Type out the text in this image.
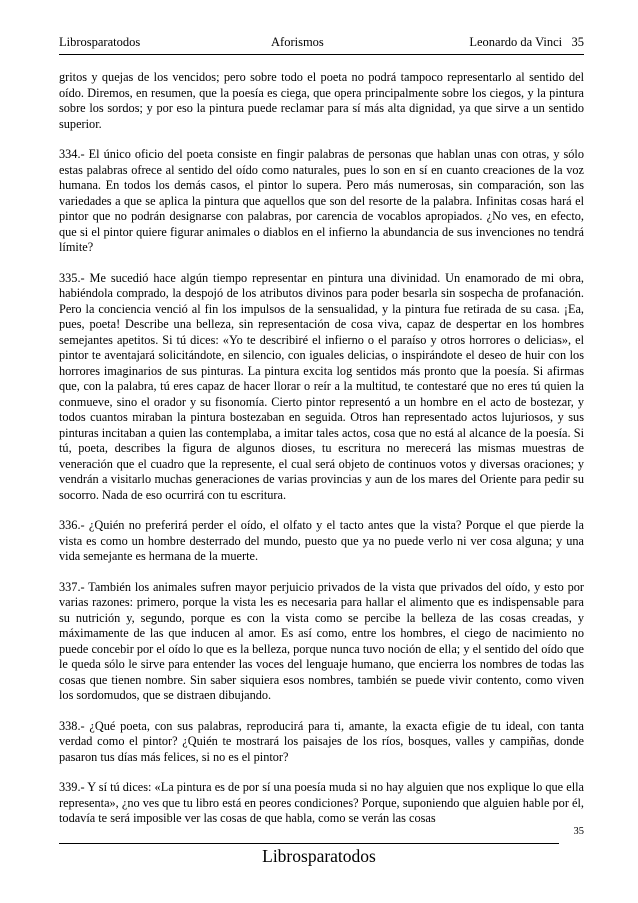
Librosparatodos	Aforismos	Leonardo da Vinci   35

gritos y quejas de los vencidos; pero sobre todo el poeta no podrá tampoco representarlo al sentido del oído. Diremos, en resumen, que la poesía es ciega, que opera principalmente sobre los ciegos, y la pintura sobre los sordos; y por eso la pintura puede reclamar para sí más alta dignidad, ya que sirve a un sentido superior.

334.- El único oficio del poeta consiste en fingir palabras de personas que hablan unas con otras, y sólo estas palabras ofrece al sentido del oído como naturales, pues lo son en sí en cuanto creaciones de la voz humana. En todos los demás casos, el pintor lo supera. Pero más numerosas, sin comparación, son las variedades a que se aplica la pintura que aquellos que son del resorte de la palabra. Infinitas cosas hará el pintor que no podrán designarse con palabras, por carencia de vocablos apropiados. ¿No ves, en efecto, que si el pintor quiere figurar animales o diablos en el infierno la abundancia de sus invenciones no tendrá límite?

335.- Me sucedió hace algún tiempo representar en pintura una divinidad. Un enamorado de mi obra, habiéndola comprado, la despojó de los atributos divinos para poder besarla sin sospecha de profanación. Pero la conciencia venció al fin los impulsos de la sensualidad, y la pintura fue retirada de su casa. ¡Ea, pues, poeta! Describe una belleza, sin representación de cosa viva, capaz de despertar en los hombres semejantes apetitos. Si tú dices: «Yo te describiré el infierno o el paraíso y otros horrores o delicias», el pintor te aventajará solicitándote, en silencio, con iguales delicias, o inspirándote el deseo de huir con los horrores imaginarios de sus pinturas. La pintura excita log sentidos más pronto que la poesía. Si afirmas que, con la palabra, tú eres capaz de hacer llorar o reír a la multitud, te contestaré que no eres tú quien la conmueve, sino el orador y su fisonomía. Cierto pintor representó a un hombre en el acto de bostezar, y todos cuantos miraban la pintura bostezaban en seguida. Otros han representado actos lujuriosos, y sus pinturas incitaban a quien las contemplaba, a imitar tales actos, cosa que no está al alcance de la poesía. Si tú, poeta, describes la figura de algunos dioses, tu escritura no merecerá las mismas muestras de veneración que el cuadro que la represente, el cual será objeto de continuos votos y diversas oraciones; y vendrán a visitarlo muchas generaciones de varias provincias y aun de los mares del Oriente para pedir su socorro. Nada de eso ocurrirá con tu escritura.

336.- ¿Quién no preferirá perder el oído, el olfato y el tacto antes que la vista? Porque el que pierde la vista es como un hombre desterrado del mundo, puesto que ya no puede verlo ni ver cosa alguna; y una vida semejante es hermana de la muerte.

337.- También los animales sufren mayor perjuicio privados de la vista que privados del oído, y esto por varias razones: primero, porque la vista les es necesaria para hallar el alimento que es indispensable para su nutrición y, segundo, porque es con la vista como se percibe la belleza de las cosas creadas, y máximamente de las que inducen al amor. Es así como, entre los hombres, el ciego de nacimiento no puede concebir por el oído lo que es la belleza, porque nunca tuvo noción de ella; y el sentido del oído que le queda sólo le sirve para entender las voces del lenguaje humano, que encierra los nombres de todas las cosas que tienen nombre. Sin saber siquiera esos nombres, también se puede vivir contento, como viven los sordomudos, que se distraen dibujando.

338.- ¿Qué poeta, con sus palabras, reproducirá para ti, amante, la exacta efigie de tu ideal, con tanta verdad como el pintor? ¿Quién te mostrará los paisajes de los ríos, bosques, valles y campiñas, donde pasaron tus días más felices, si no es el pintor?

339.- Y sí tú dices: «La pintura es de por sí una poesía muda si no hay alguien que nos explique lo que ella representa», ¿no ves que tu libro está en peores condiciones? Porque, suponiendo que alguien hable por él, todavía te será imposible ver las cosas de que habla, como se verán las cosas

35
Librosparatodos
